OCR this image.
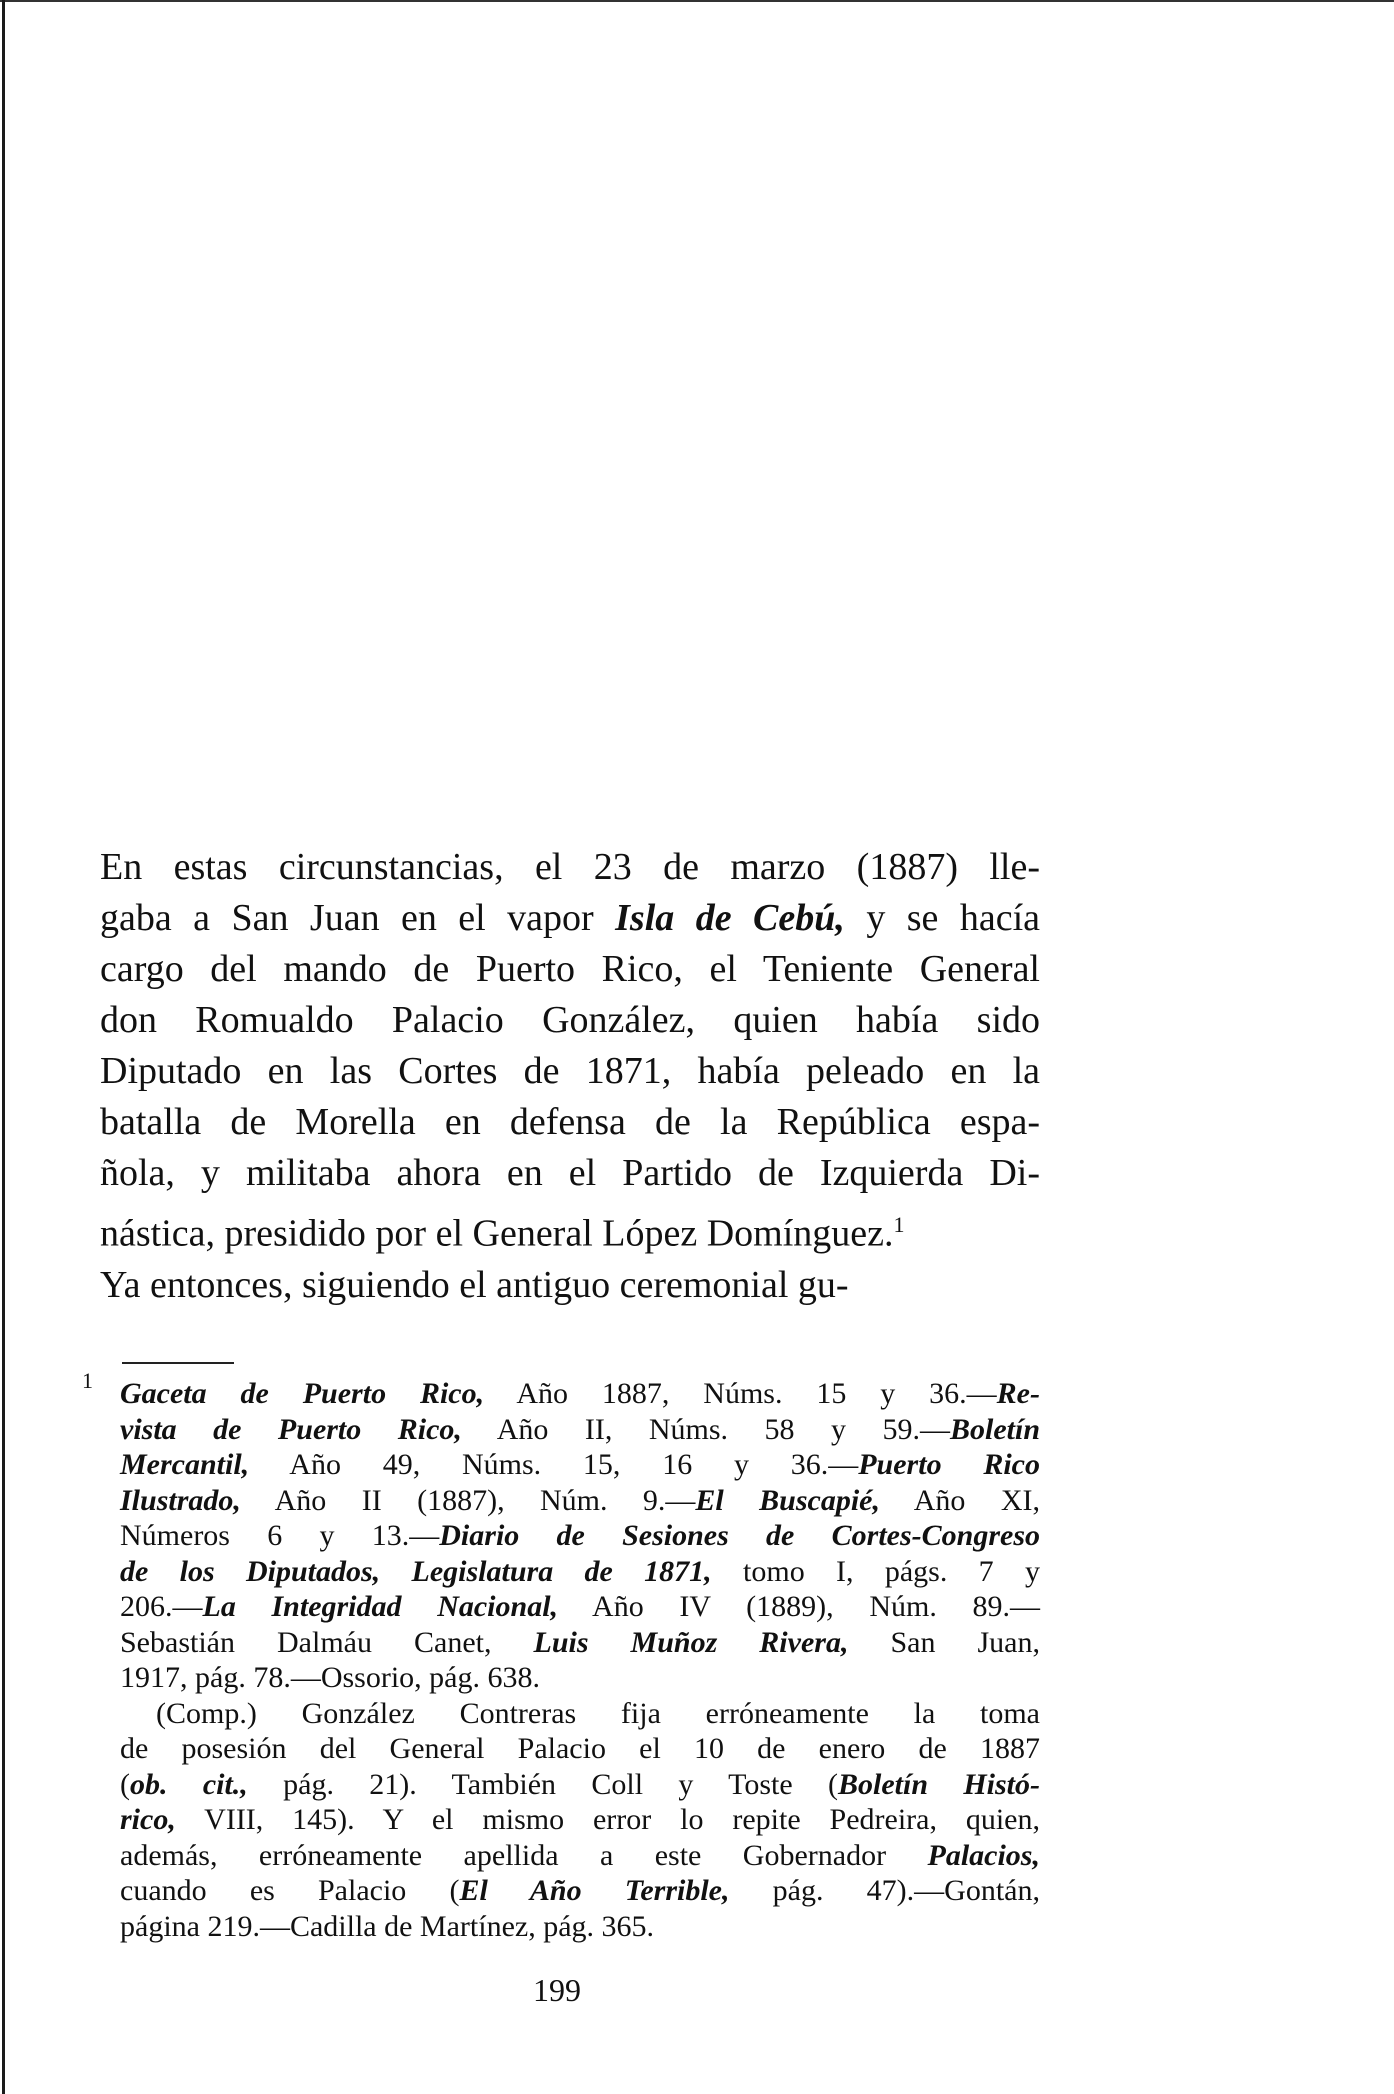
En estas circunstancias, el 23 de marzo (1887) lle-
gaba a San Juan en el vapor Isla de Cebú, y se hacía
cargo del mando de Puerto Rico, el Teniente General
don Romualdo Palacio González, quien había sido
Diputado en las Cortes de 1871, había peleado en la
batalla de Morella en defensa de la República espa-
ñola, y militaba ahora en el Partido de Izquierda Di-
nástica, presidido por el General López Domínguez.$^1$
Ya entonces, siguiendo el antiguo ceremonial gu-
1 Gaceta de Puerto Rico, Año 1887, Núms. 15 y 36.—Re-
vista de Puerto Rico, Año II, Núms. 58 y 59.—Boletín
Mercantil, Año 49, Núms. 15, 16 y 36.—Puerto Rico
Ilustrado, Año II (1887), Núm. 9.—El Buscapié, Año XI,
Números 6 y 13.—Diario de Sesiones de Cortes-Congreso
de los Diputados, Legislatura de 1871, tomo I, págs. 7 y
206.—La Integridad Nacional, Año IV (1889), Núm. 89.—
Sebastián Dalmáu Canet, Luis Muñoz Rivera, San Juan,
1917, pág. 78.—Ossorio, pág. 638.
(Comp.) González Contreras fija erróneamente la toma
de posesión del General Palacio el 10 de enero de 1887
(ob. cit., pág. 21). También Coll y Toste (Boletín Histó-
rico, VIII, 145). Y el mismo error lo repite Pedreira, quien,
además, erróneamente apellida a este Gobernador Palacios,
cuando es Palacio (El Año Terrible, pág. 47).—Gontán,
página 219.—Cadilla de Martínez, pág. 365.
199
